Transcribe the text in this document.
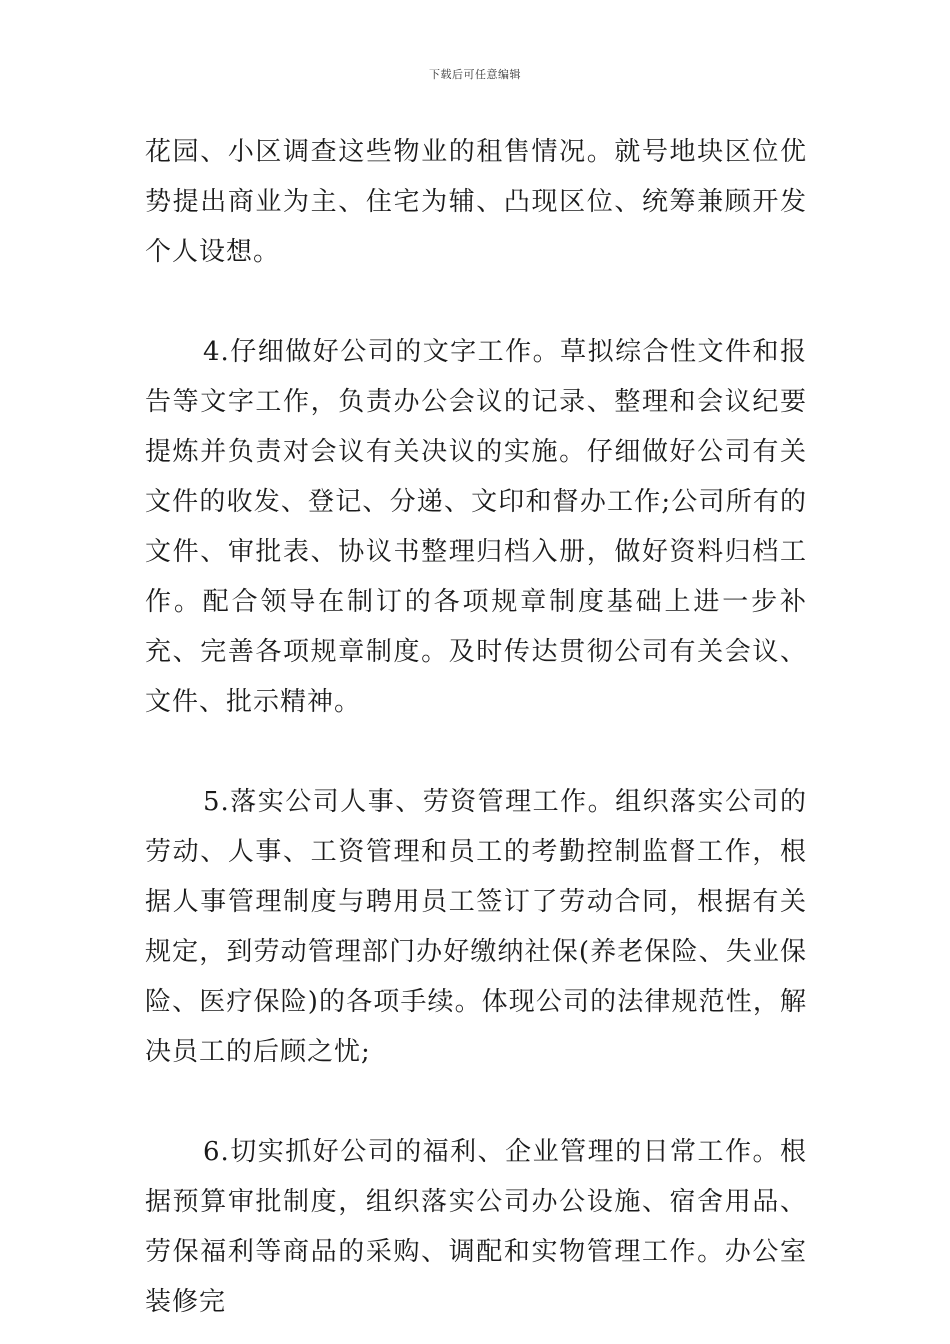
下载后可任意编辑

花园、小区调查这些物业的租售情况。就号地块区位优势提出商业为主、住宅为辅、凸现区位、统筹兼顾开发个人设想。

4.仔细做好公司的文字工作。草拟综合性文件和报告等文字工作，负责办公会议的记录、整理和会议纪要提炼并负责对会议有关决议的实施。仔细做好公司有关文件的收发、登记、分递、文印和督办工作;公司所有的文件、审批表、协议书整理归档入册，做好资料归档工作。配合领导在制订的各项规章制度基础上进一步补充、完善各项规章制度。及时传达贯彻公司有关会议、文件、批示精神。

5.落实公司人事、劳资管理工作。组织落实公司的劳动、人事、工资管理和员工的考勤控制监督工作，根据人事管理制度与聘用员工签订了劳动合同，根据有关规定，到劳动管理部门办好缴纳社保(养老保险、失业保险、医疗保险)的各项手续。体现公司的法律规范性，解决员工的后顾之忧;

6.切实抓好公司的福利、企业管理的日常工作。根据预算审批制度，组织落实公司办公设施、宿舍用品、劳保福利等商品的采购、调配和实物管理工作。办公室装修完
